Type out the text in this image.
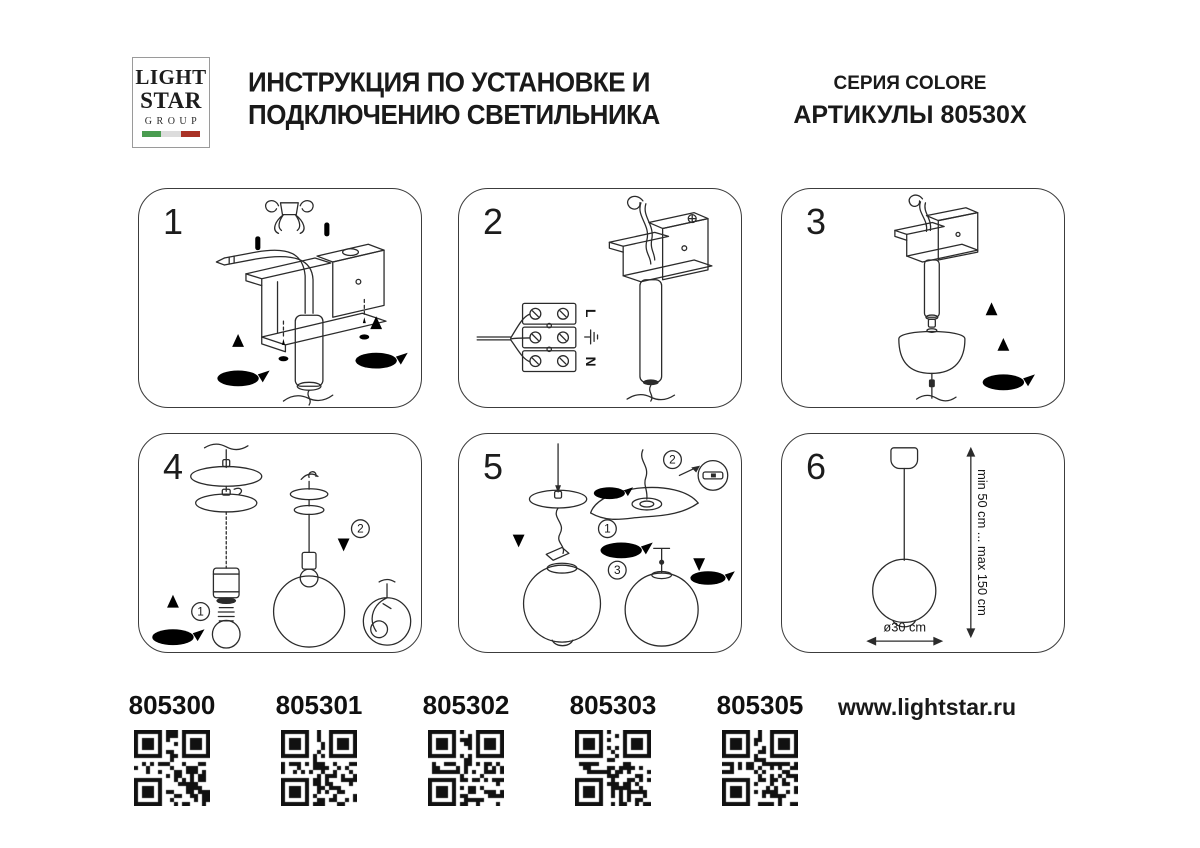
LIGHT
STAR
GROUP
ИНСТРУКЦИЯ ПО УСТАНОВКЕ И
ПОДКЛЮЧЕНИЮ СВЕТИЛЬНИКА
СЕРИЯ COLORE
АРТИКУЛЫ 80530X
1	2
L
N
3
4
1
2
5
1
2
3
6
min 50 cm ... max 150 cm
ø30 cm
805300 805301 805302 805303 805305 www.lightstar.ru
